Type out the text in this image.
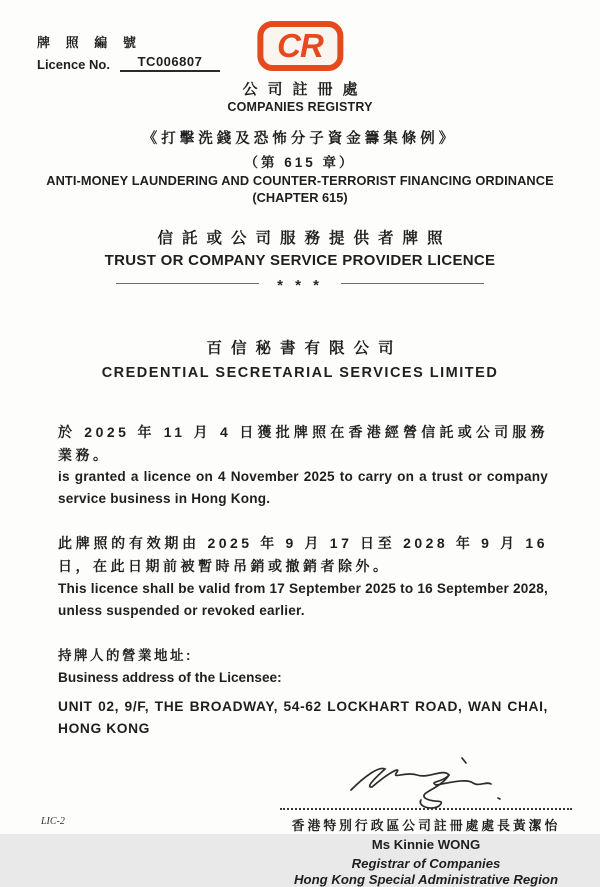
牌 照 編 號
Licence No.	TC006807	CR
公司註冊處
COMPANIES REGISTRY
《打擊洗錢及恐怖分子資金籌集條例》
（第 615 章）
ANTI-MONEY LAUNDERING AND COUNTER-TERRORIST FINANCING ORDINANCE
(CHAPTER 615)
信託或公司服務提供者牌照
TRUST OR COMPANY SERVICE PROVIDER LICENCE
* * *
百信秘書有限公司
CREDENTIAL SECRETARIAL SERVICES LIMITED
於 2025 年 11 月 4 日獲批牌照在香港經營信託或公司服務業務。
is granted a licence on 4 November 2025 to carry on a trust or company service business in Hong Kong.
此牌照的有效期由 2025 年 9 月 17 日至 2028 年 9 月 16 日，在此日期前被暫時吊銷或撤銷者除外。
This licence shall be valid from 17 September 2025 to 16 September 2028, unless suspended or revoked earlier.
持牌人的營業地址:
Business address of the Licensee:
UNIT 02, 9/F, THE BROADWAY, 54-62 LOCKHART ROAD, WAN CHAI, HONG KONG
香港特別行政區公司註冊處處長黃潔怡
Ms Kinnie WONG
Registrar of Companies
Hong Kong Special Administrative Region
LIC-2
